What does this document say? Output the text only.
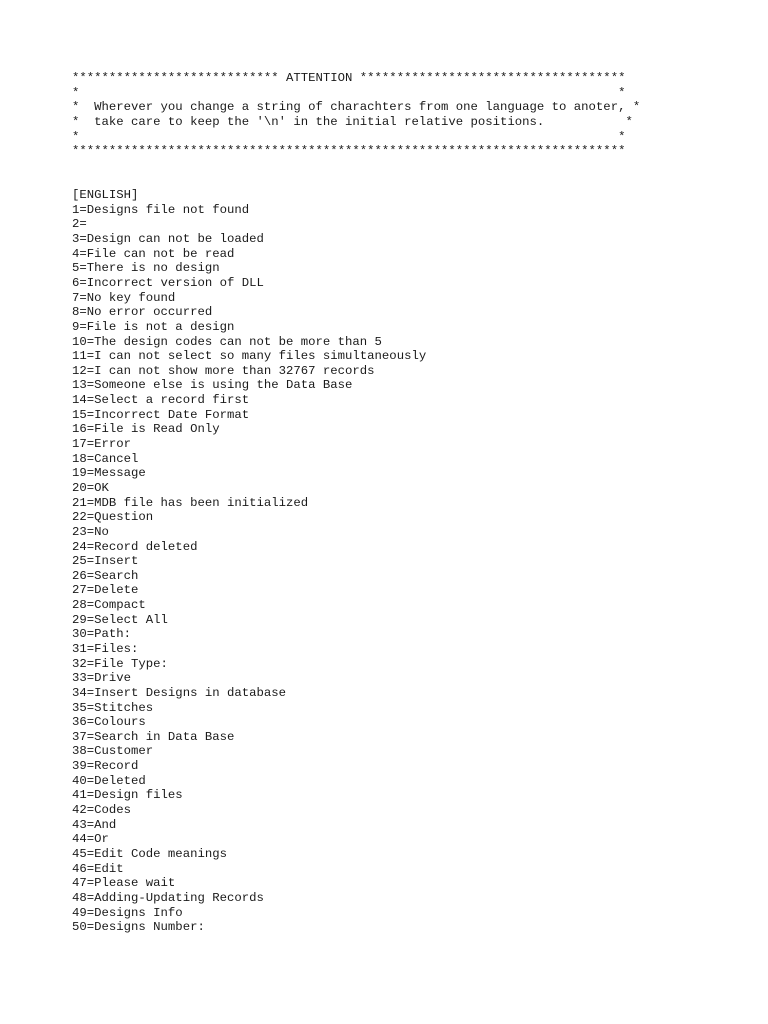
**************************** ATTENTION ************************************
*                                                                         *
*  Wherever you change a string of charachters from one language to anoter, *
*  take care to keep the '\n' in the initial relative positions.           *
*                                                                         *
***************************************************************************
[ENGLISH]
1=Designs file not found
2=
3=Design can not be loaded
4=File can not be read
5=There is no design
6=Incorrect version of DLL
7=No key found
8=No error occurred
9=File is not a design
10=The design codes can not be more than 5
11=I can not select so many files simultaneously
12=I can not show more than 32767 records
13=Someone else is using the Data Base
14=Select a record first
15=Incorrect Date Format
16=File is Read Only
17=Error
18=Cancel
19=Message
20=OK
21=MDB file has been initialized
22=Question
23=No
24=Record deleted
25=Insert
26=Search
27=Delete
28=Compact
29=Select All
30=Path:
31=Files:
32=File Type:
33=Drive
34=Insert Designs in database
35=Stitches
36=Colours
37=Search in Data Base
38=Customer
39=Record
40=Deleted
41=Design files
42=Codes
43=And
44=Or
45=Edit Code meanings
46=Edit
47=Please wait
48=Adding-Updating Records
49=Designs Info
50=Designs Number:
